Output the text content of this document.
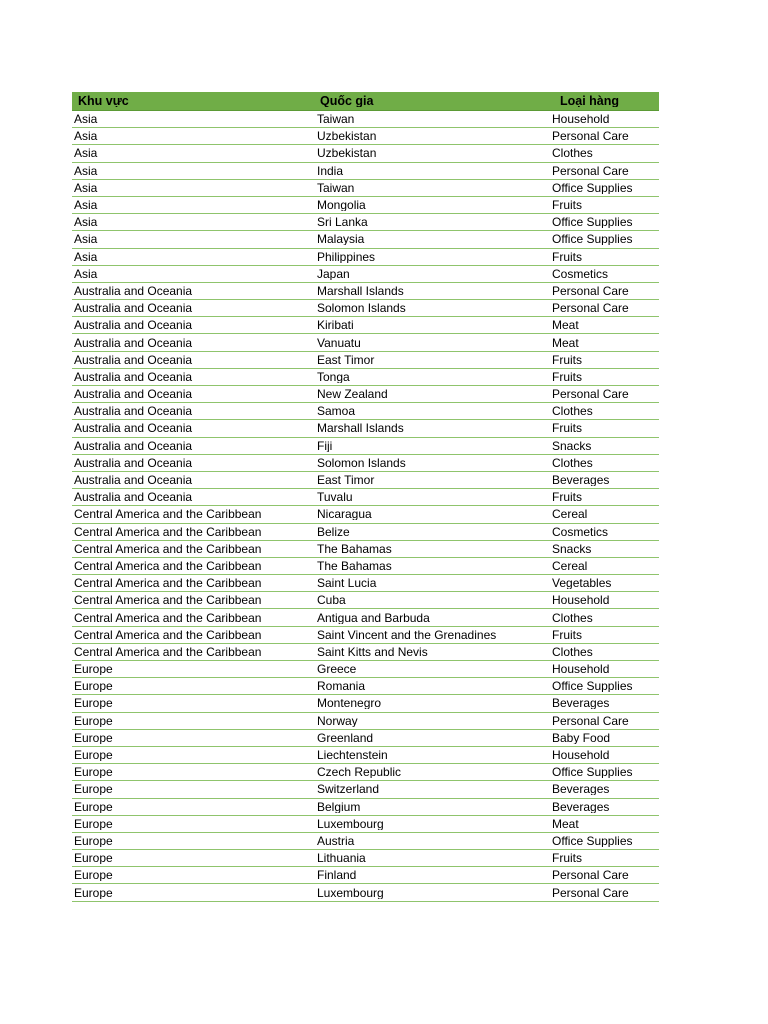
Khu vực	Quốc gia	Loại hàng
Asia	Taiwan	Household
Asia	Uzbekistan	Personal Care
Asia	Uzbekistan	Clothes
Asia	India	Personal Care
Asia	Taiwan	Office Supplies
Asia	Mongolia	Fruits
Asia	Sri Lanka	Office Supplies
Asia	Malaysia	Office Supplies
Asia	Philippines	Fruits
Asia	Japan	Cosmetics
Australia and Oceania	Marshall Islands	Personal Care
Australia and Oceania	Solomon Islands	Personal Care
Australia and Oceania	Kiribati	Meat
Australia and Oceania	Vanuatu	Meat
Australia and Oceania	East Timor	Fruits
Australia and Oceania	Tonga	Fruits
Australia and Oceania	New Zealand	Personal Care
Australia and Oceania	Samoa	Clothes
Australia and Oceania	Marshall Islands	Fruits
Australia and Oceania	Fiji	Snacks
Australia and Oceania	Solomon Islands	Clothes
Australia and Oceania	East Timor	Beverages
Australia and Oceania	Tuvalu	Fruits
Central America and the Caribbean	Nicaragua	Cereal
Central America and the Caribbean	Belize	Cosmetics
Central America and the Caribbean	The Bahamas	Snacks
Central America and the Caribbean	The Bahamas	Cereal
Central America and the Caribbean	Saint Lucia	Vegetables
Central America and the Caribbean	Cuba	Household
Central America and the Caribbean	Antigua and Barbuda	Clothes
Central America and the Caribbean	Saint Vincent and the Grenadines	Fruits
Central America and the Caribbean	Saint Kitts and Nevis	Clothes
Europe	Greece	Household
Europe	Romania	Office Supplies
Europe	Montenegro	Beverages
Europe	Norway	Personal Care
Europe	Greenland	Baby Food
Europe	Liechtenstein	Household
Europe	Czech Republic	Office Supplies
Europe	Switzerland	Beverages
Europe	Belgium	Beverages
Europe	Luxembourg	Meat
Europe	Austria	Office Supplies
Europe	Lithuania	Fruits
Europe	Finland	Personal Care
Europe	Luxembourg	Personal Care
